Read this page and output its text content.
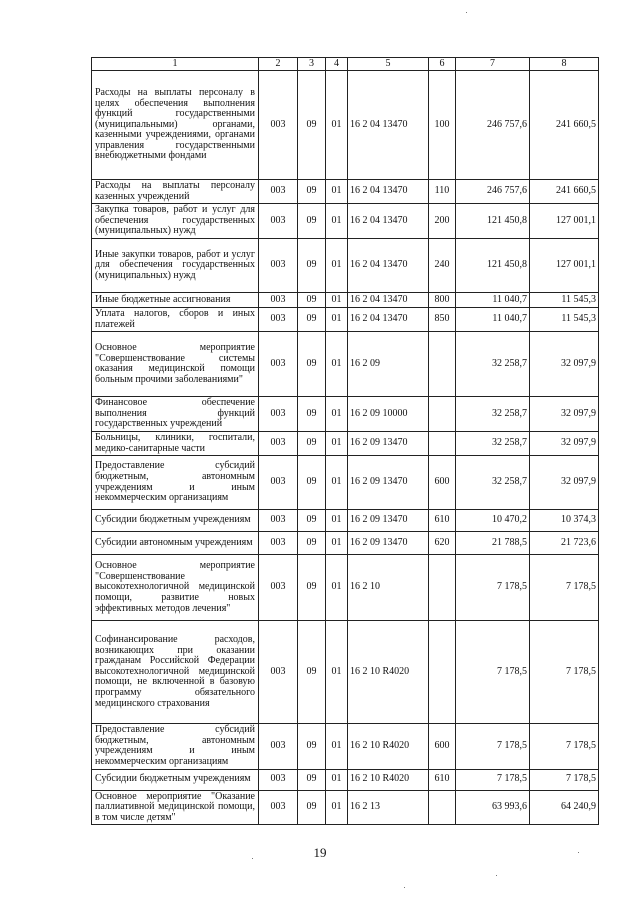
1	2	3	4	5	6	7	8
Расходы на выплаты персоналу в целях обеспечения выполнения функций государственными (муниципальными) органами, казенными учреждениями, органами управления государственными внебюджетными фондами	003	09	01	16 2 04 13470	100	246 757,6	241 660,5
Расходы на выплаты персоналу казенных учреждений	003	09	01	16 2 04 13470	110	246 757,6	241 660,5
Закупка товаров, работ и услуг для обеспечения государственных (муниципальных) нужд	003	09	01	16 2 04 13470	200	121 450,8	127 001,1
Иные закупки товаров, работ и услуг для обеспечения государственных (муниципальных) нужд	003	09	01	16 2 04 13470	240	121 450,8	127 001,1
Иные бюджетные ассигнования	003	09	01	16 2 04 13470	800	11 040,7	11 545,3
Уплата налогов, сборов и иных платежей	003	09	01	16 2 04 13470	850	11 040,7	11 545,3
Основное мероприятие "Совершенствование системы оказания медицинской помощи больным прочими заболеваниями"	003	09	01	16 2 09		32 258,7	32 097,9
Финансовое обеспечение выполнения функций государственных учреждений	003	09	01	16 2 09 10000		32 258,7	32 097,9
Больницы, клиники, госпитали, медико-санитарные части	003	09	01	16 2 09 13470		32 258,7	32 097,9
Предоставление субсидий бюджетным, автономным учреждениям и иным некоммерческим организациям	003	09	01	16 2 09 13470	600	32 258,7	32 097,9
Субсидии бюджетным учреждениям	003	09	01	16 2 09 13470	610	10 470,2	10 374,3
Субсидии автономным учреждениям	003	09	01	16 2 09 13470	620	21 788,5	21 723,6
Основное мероприятие "Совершенствование высокотехнологичной медицинской помощи, развитие новых эффективных методов лечения"	003	09	01	16 2 10		7 178,5	7 178,5
Софинансирование расходов, возникающих при оказании гражданам Российской Федерации высокотехнологичной медицинской помощи, не включенной в базовую программу обязательного медицинского страхования	003	09	01	16 2 10 R4020		7 178,5	7 178,5
Предоставление субсидий бюджетным, автономным учреждениям и иным некоммерческим организациям	003	09	01	16 2 10 R4020	600	7 178,5	7 178,5
Субсидии бюджетным учреждениям	003	09	01	16 2 10 R4020	610	7 178,5	7 178,5
Основное мероприятие "Оказание паллиативной медицинской помощи, в том числе детям"	003	09	01	16 2 13		63 993,6	64 240,9
19
